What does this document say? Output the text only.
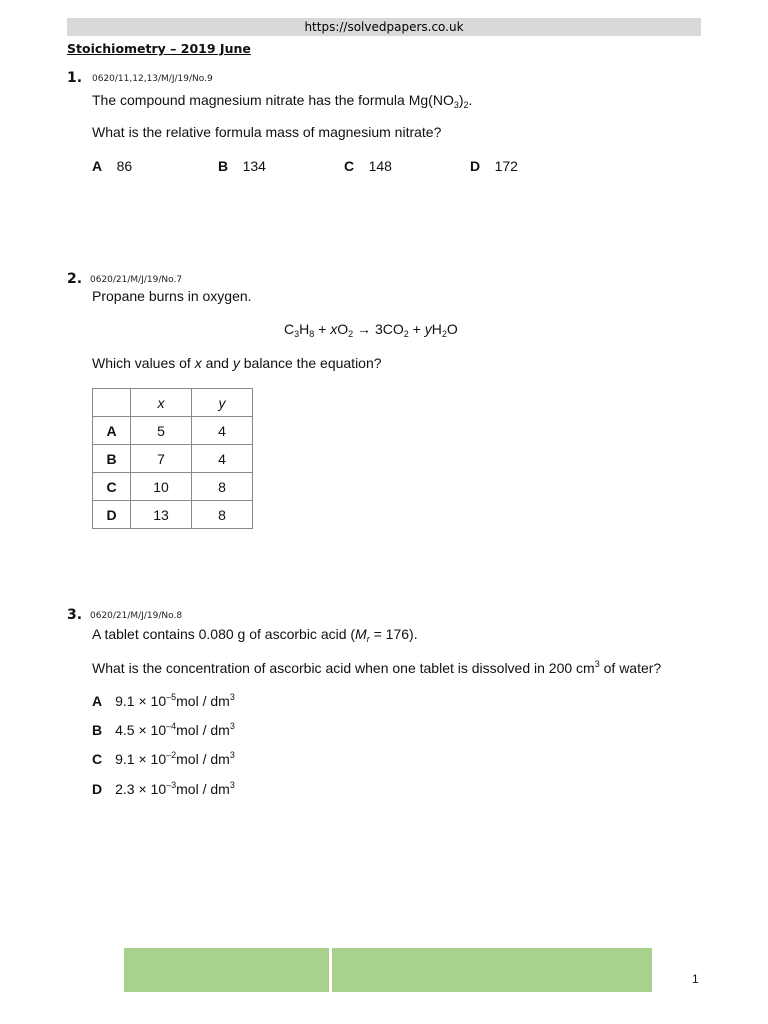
https://solvedpapers.co.uk
Stoichiometry – 2019 June
1. 0620/11,12,13/M/J/19/No.9
The compound magnesium nitrate has the formula $Mg(NO_3)_2$.
What is the relative formula mass of magnesium nitrate?
A 86	B 134	C 148	D 172
2. 0620/21/M/J/19/No.7
Propane burns in oxygen.
$C_3H_8 + xO_2 \to 3CO_2 + yH_2O$
Which values of x and y balance the equation?
	x	y
A	5	4
B	7	4
C	10	8
D	13	8
3. 0620/21/M/J/19/No.8
A tablet contains 0.080 g of ascorbic acid $(M_r = 176)$.
What is the concentration of ascorbic acid when one tablet is dissolved in 200 $cm^3$ of water?
A $9.1 \times 10^{-5}mol / dm^3$
B $4.5 \times 10^{-4}mol / dm^3$
C $9.1 \times 10^{-2}mol / dm^3$
D $2.3 \times 10^{-3}mol / dm^3$
1
